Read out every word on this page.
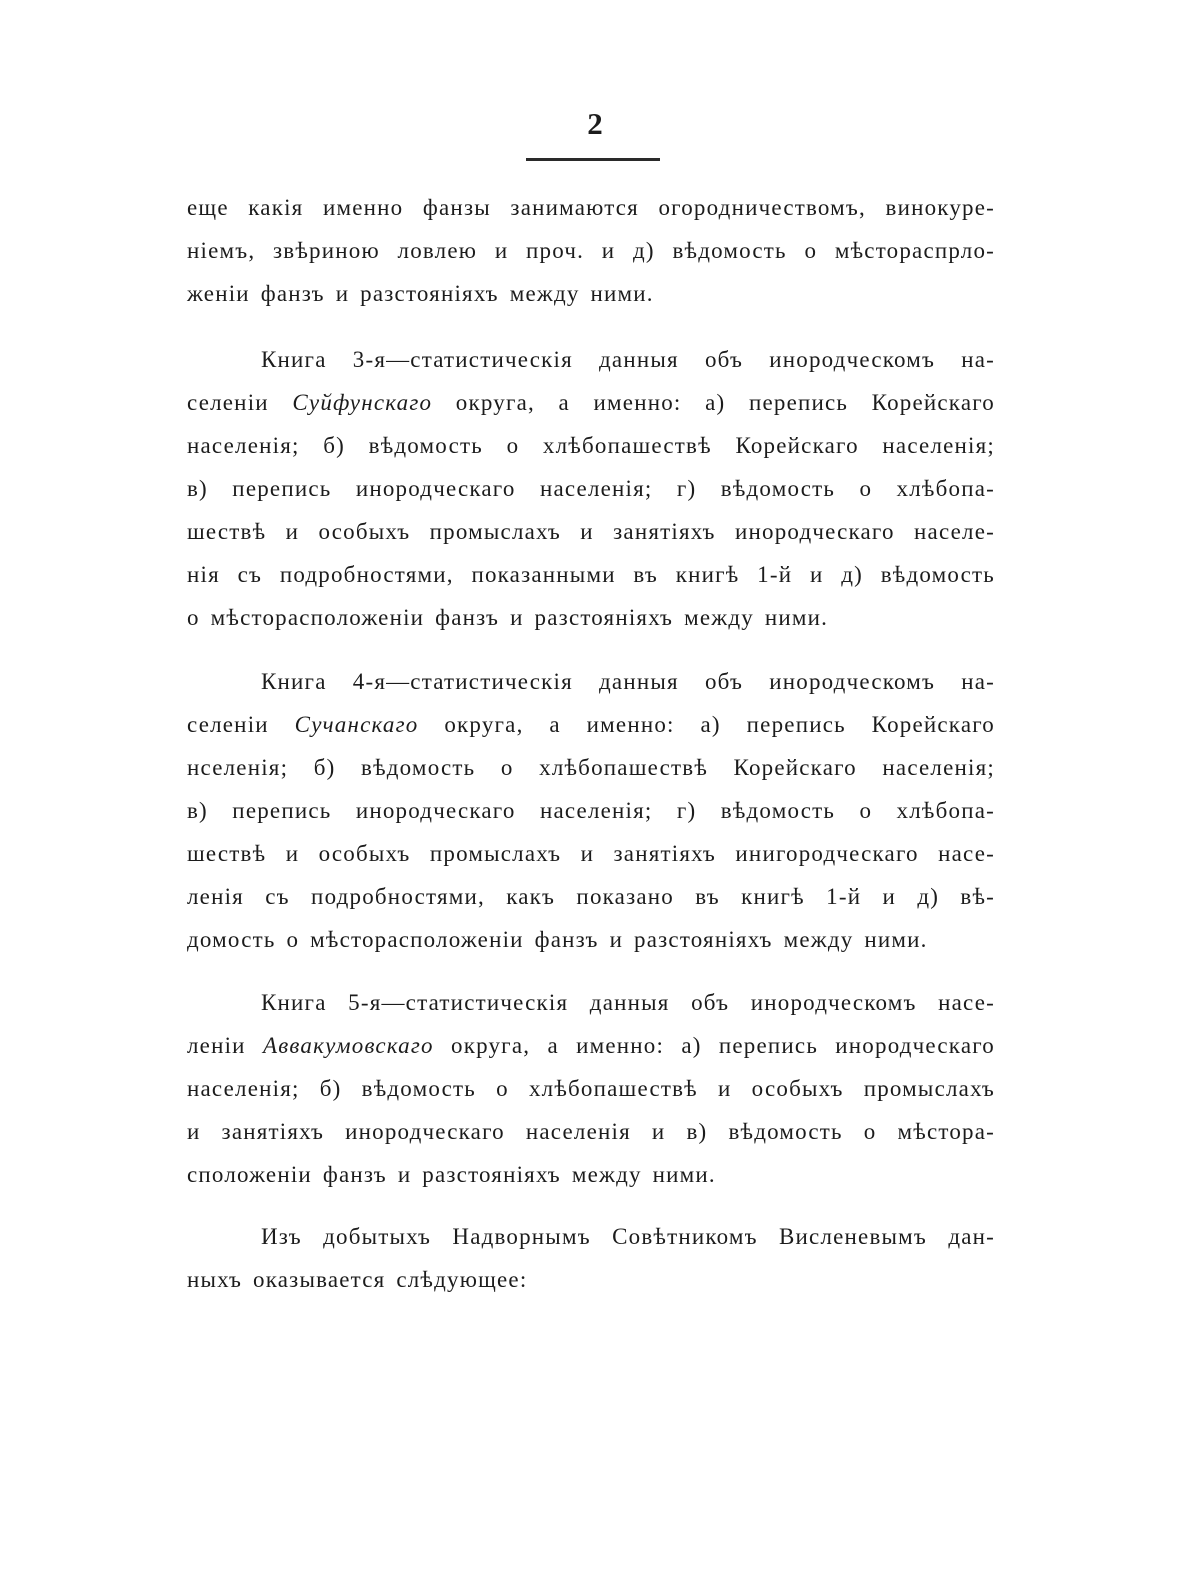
2
еще какія именно фанзы занимаются огородничествомъ, винокуре-
ніемъ, звѣриною ловлею и проч. и д) вѣдомость о мѣстораспрло-
женіи фанзъ и разстояніяхъ между ними.
Книга 3-я—статистическія данныя объ инородческомъ на-
селеніи Суйфунскаго округа, а именно: а) перепись Корейскаго
населенія; б) вѣдомость о хлѣбопашествѣ Корейскаго населенія;
в) перепись инородческаго населенія; г) вѣдомость о хлѣбопа-
шествѣ и особыхъ промыслахъ и занятіяхъ инородческаго населе-
нія съ подробностями, показанными въ книгѣ 1-й и д) вѣдомость
о мѣстоpасположеніи фанзъ и разстояніяхъ между ними.
Книга 4-я—статистическія данныя объ инородческомъ на-
селеніи Сучанскаго округа, а именно: а) перепись Корейскаго
нселенія; б) вѣдомость о хлѣбопашествѣ Корейскаго населенія;
в) перепись инородческаго населенія; г) вѣдомость о хлѣбопа-
шествѣ и особыхъ промыслахъ и занятіяхъ инигородческаго насе-
ленія съ подробностями, какъ показано въ книгѣ 1-й и д) вѣ-
домость о мѣсторасположеніи фанзъ и разстояніяхъ между ними.
Книга 5-я—статистическія данныя объ инородческомъ насе-
леніи Аввакумовскаго округа, а именно: а) перепись инородческаго
населенія; б) вѣдомость о хлѣбопашествѣ и особыхъ промыслахъ
и занятіяхъ инородческаго населенія и в) вѣдомость о мѣстора-
сположеніи фанзъ и разстояніяхъ между ними.
Изъ добытыхъ Надворнымъ Совѣтникомъ Висленевымъ дан-
ныхъ оказывается слѣдующее:
